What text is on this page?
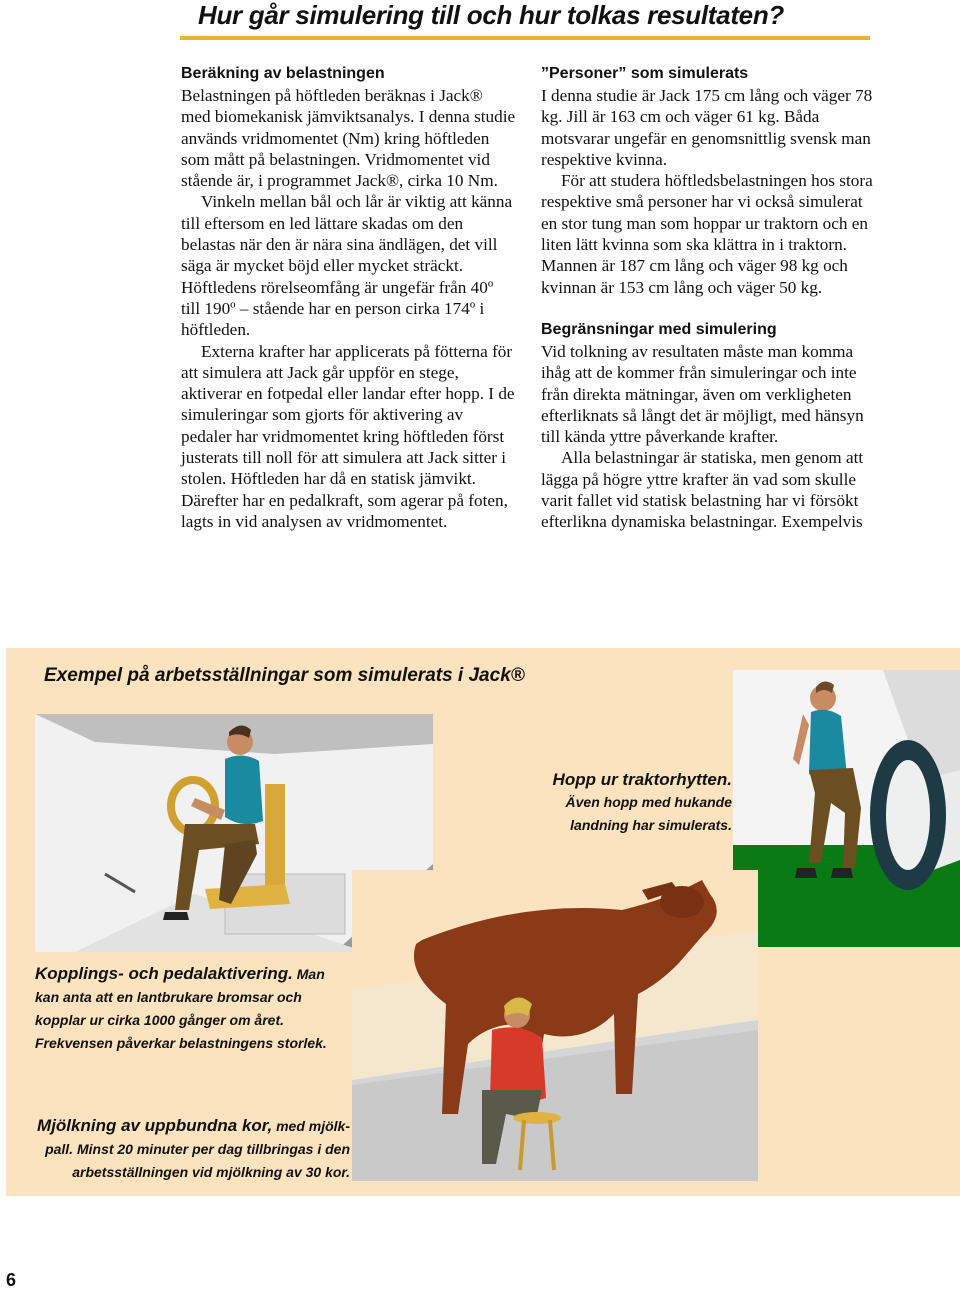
Hur går simulering till och hur tolkas resultaten?
Beräkning av belastningen

Belastningen på höftleden beräknas i Jack® med biomekanisk jämviktsanalys. I denna studie används vridmomentet (Nm) kring höftleden som mått på belastningen. Vridmomentet vid stående är, i programmet Jack®, cirka 10 Nm.

Vinkeln mellan bål och lår är viktig att känna till eftersom en led lättare skadas om den belastas när den är nära sina ändlägen, det vill säga är mycket böjd eller mycket sträckt. Höftledens rörelseomfång är ungefär från 40º till 190º – stående har en person cirka 174º i höftleden.

Externa krafter har applicerats på fötterna för att simulera att Jack går uppför en stege, aktiverar en fotpedal eller landar efter hopp. I de simuleringar som gjorts för aktivering av pedaler har vridmomentet kring höftleden först justerats till noll för att simulera att Jack sitter i stolen. Höftleden har då en statisk jämvikt. Därefter har en pedalkraft, som agerar på foten, lagts in vid analysen av vridmomentet.

”Personer” som simulerats

I denna studie är Jack 175 cm lång och väger 78 kg. Jill är 163 cm och väger 61 kg. Båda motsvarar ungefär en genomsnittlig svensk man respektive kvinna.

För att studera höftledsbelastningen hos stora respektive små personer har vi också simulerat en stor tung man som hoppar ur traktorn och en liten lätt kvinna som ska klättra in i traktorn. Mannen är 187 cm lång och väger 98 kg och kvinnan är 153 cm lång och väger 50 kg.

Begränsningar med simulering

Vid tolkning av resultaten måste man komma ihåg att de kommer från simuleringar och inte från direkta mätningar, även om verkligheten efterliknats så långt det är möjligt, med hänsyn till kända yttre påverkande krafter.

Alla belastningar är statiska, men genom att lägga på högre yttre krafter än vad som skulle varit fallet vid statisk belastning har vi försökt efterlikna dynamiska belastningar. Exempelvis

Exempel på arbetsställningar som simulerats i Jack®
Hopp ur traktorhytten.
Även hopp med hukande
landning har simulerats.
Kopplings- och pedalaktivering. Man kan anta att en lantbrukare bromsar och kopplar ur cirka 1000 gånger om året. Frekvensen påverkar belastningens storlek.
Mjölkning av uppbundna kor, med mjölk-
pall. Minst 20 minuter per dag tillbringas i den
arbetsställningen vid mjölkning av 30 kor.
6
